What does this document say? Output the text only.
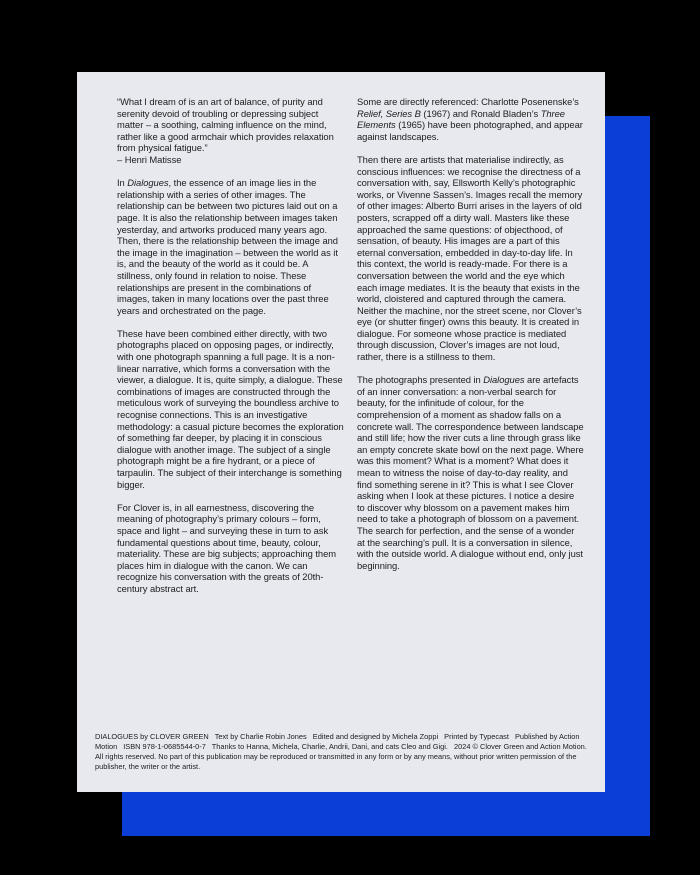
“What I dream of is an art of balance, of purity and serenity devoid of troubling or depressing subject matter – a soothing, calming influence on the mind, rather like a good armchair which provides relaxation from physical fatigue.”

– Henri Matisse

In Dialogues, the essence of an image lies in the relationship with a series of other images. The relationship can be between two pictures laid out on a page. It is also the relationship between images taken yesterday, and artworks produced many years ago. Then, there is the relationship between the image and the image in the imagination – between the world as it is, and the beauty of the world as it could be. A stillness, only found in relation to noise. These relationships are present in the combinations of images, taken in many locations over the past three years and orchestrated on the page.

These have been combined either directly, with two photographs placed on opposing pages, or indirectly, with one photograph spanning a full page. It is a non-linear narrative, which forms a conversation with the viewer, a dialogue. It is, quite simply, a dialogue. These combinations of images are constructed through the meticulous work of surveying the boundless archive to recognise connections. This is an investigative methodology: a casual picture becomes the exploration of something far deeper, by placing it in conscious dialogue with another image. The subject of a single photograph might be a fire hydrant, or a piece of tarpaulin. The subject of their interchange is something bigger.

For Clover is, in all earnestness, discovering the meaning of photography’s primary colours – form, space and light – and surveying these in turn to ask fundamental questions about time, beauty, colour, materiality. These are big subjects; approaching them places him in dialogue with the canon. We can recognize his conversation with the greats of 20th-century abstract art.

Some are directly referenced: Charlotte Posenenske’s Relief, Series B (1967) and Ronald Bladen’s Three Elements (1965) have been photographed, and appear against landscapes.

Then there are artists that materialise indirectly, as conscious influences: we recognise the directness of a conversation with, say, Ellsworth Kelly’s photographic works, or Vivenne Sassen’s. Images recall the memory of other images: Alberto Burri arises in the layers of old posters, scrapped off a dirty wall. Masters like these approached the same questions: of objecthood, of sensation, of beauty. His images are a part of this eternal conversation, embedded in day-to-day life. In this context, the world is ready-made. For there is a conversation between the world and the eye which each image mediates. It is the beauty that exists in the world, cloistered and captured through the camera. Neither the machine, nor the street scene, nor Clover’s eye (or shutter finger) owns this beauty. It is created in dialogue. For someone whose practice is mediated through discussion, Clover’s images are not loud, rather, there is a stillness to them.

The photographs presented in Dialogues are artefacts of an inner conversation: a non-verbal search for beauty, for the infinitude of colour, for the comprehension of a moment as shadow falls on a concrete wall. The correspondence between landscape and still life; how the river cuts a line through grass like an empty concrete skate bowl on the next page. Where was this moment? What is a moment? What does it mean to witness the noise of day-to-day reality, and find something serene in it? This is what I see Clover asking when I look at these pictures. I notice a desire to discover why blossom on a pavement makes him need to take a photograph of blossom on a pavement. The search for perfection, and the sense of a wonder at the searching’s pull. It is a conversation in silence, with the outside world. A dialogue without end, only just beginning.

DIALOGUES by CLOVER GREEN Text by Charlie Robin Jones Edited and designed by Michela Zoppi Printed by Typecast Published by Action Motion ISBN 978-1-0685544-0-7 Thanks to Hanna, Michela, Charlie, Andrii, Dani, and cats Cleo and Gigi. 2024 © Clover Green and Action Motion. All rights reserved. No part of this publication may be reproduced or transmitted in any form or by any means, without prior written permission of the publisher, the writer or the artist.
